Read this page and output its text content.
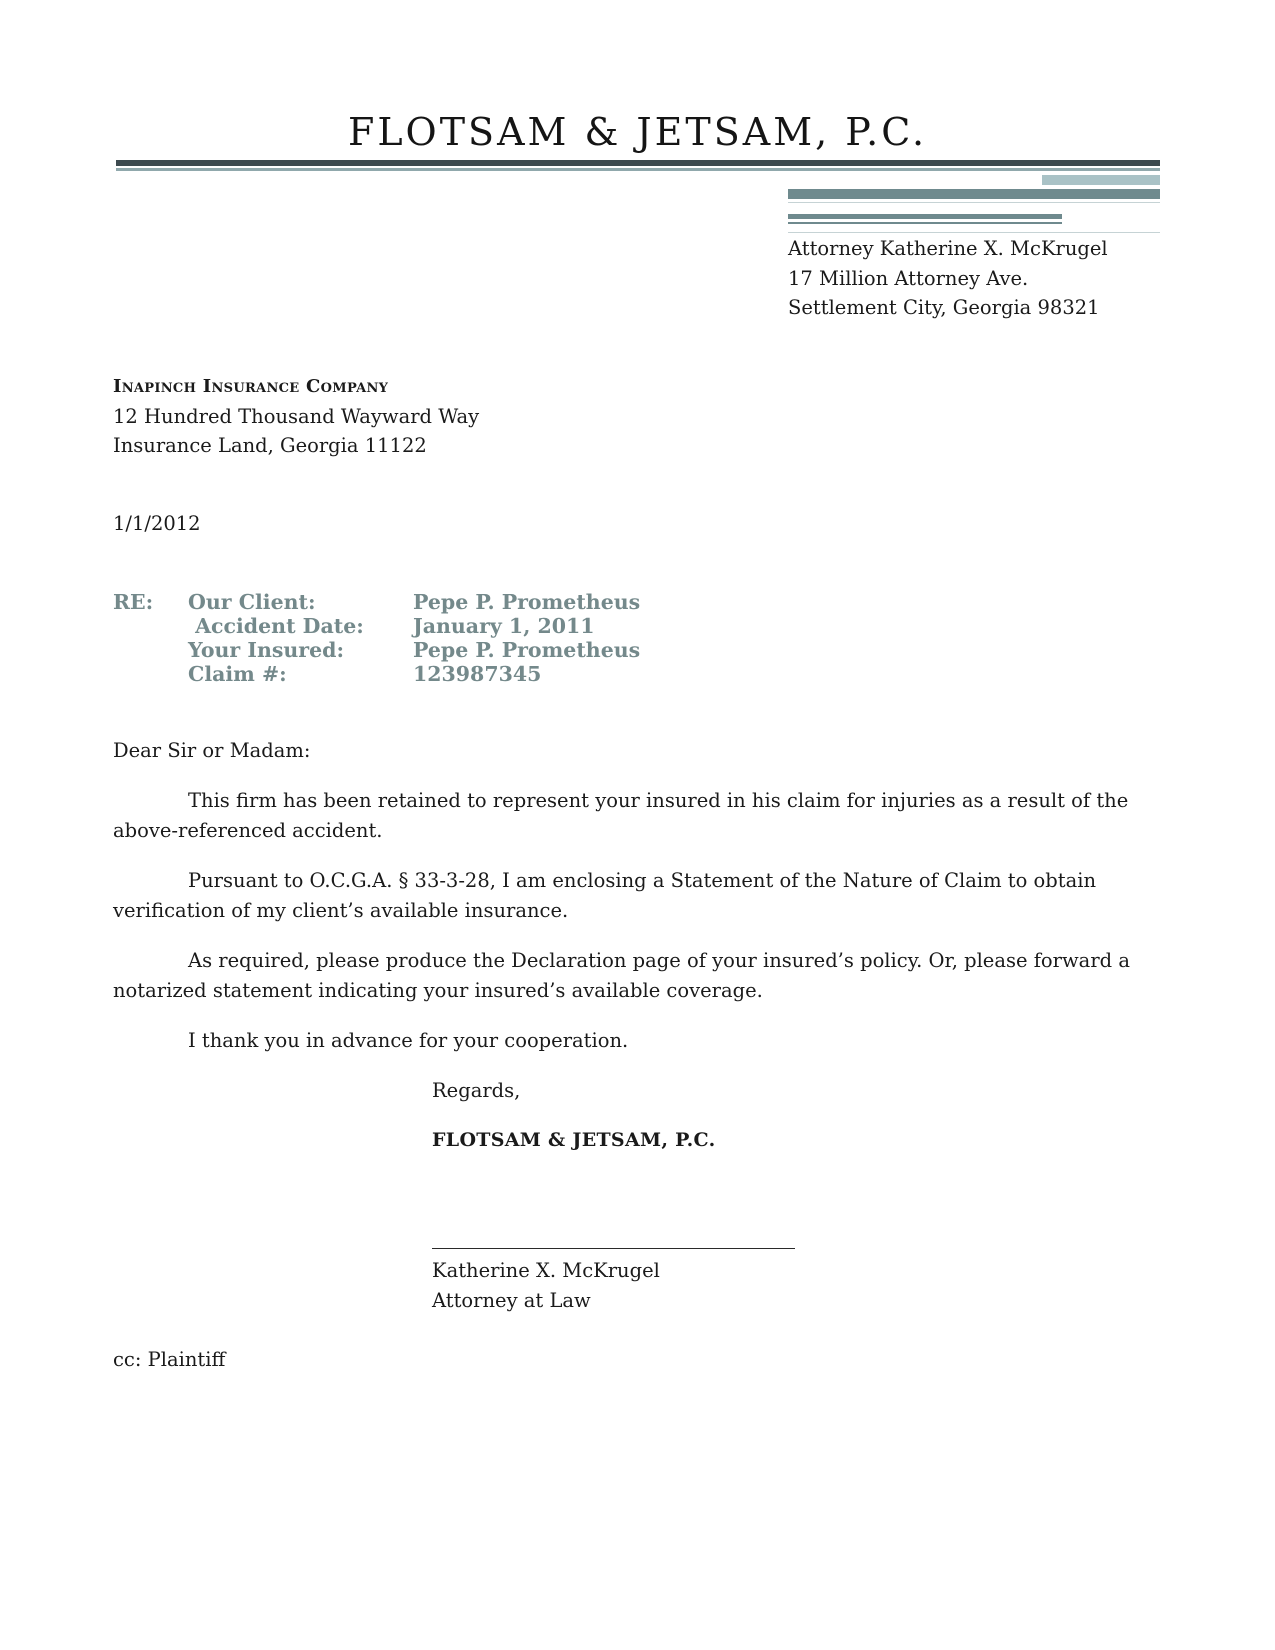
FLOTSAM & JETSAM, P.C.
Attorney Katherine X. McKrugel
17 Million Attorney Ave.
Settlement City, Georgia 98321
Inapinch Insurance Company
12 Hundred Thousand Wayward Way
Insurance Land, Georgia 11122
1/1/2012
RE: Our Client:	Pepe P. Prometheus
Accident Date: January 1, 2011
Your Insured:	Pepe P. Prometheus
Claim #:	123987345
Dear Sir or Madam:

This firm has been retained to represent your insured in his claim for injuries as a result of the above-referenced accident.

Pursuant to O.C.G.A. § 33-3-28, I am enclosing a Statement of the Nature of Claim to obtain verification of my client’s available insurance.

As required, please produce the Declaration page of your insured’s policy. Or, please forward a notarized statement indicating your insured’s available coverage.

I thank you in advance for your cooperation.

Regards,
FLOTSAM & JETSAM, P.C.
Katherine X. McKrugel
Attorney at Law
cc: Plaintiff
